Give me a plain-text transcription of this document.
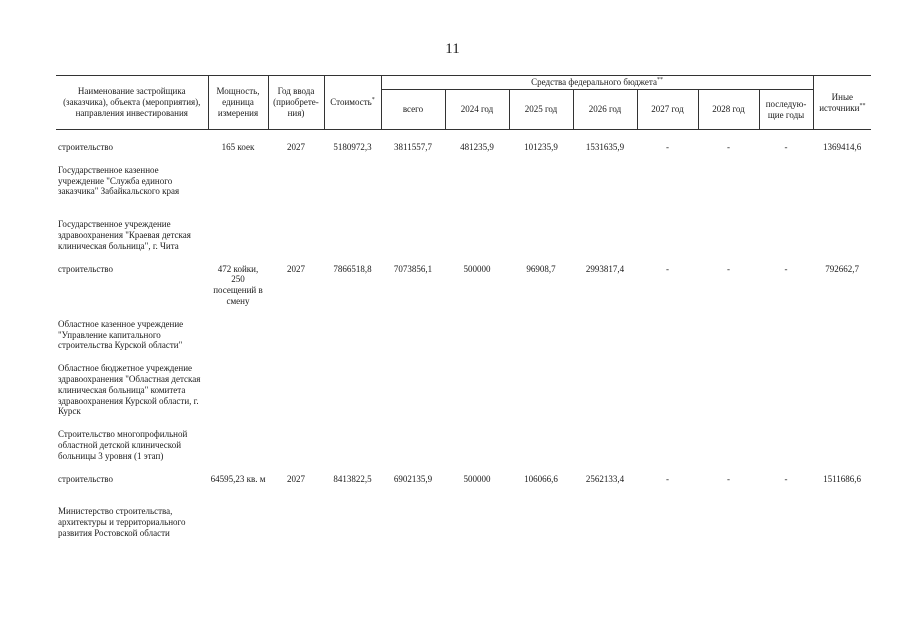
11
Наименование застройщика (заказчика), объекта (мероприятия), направления инвестирования	Мощность, единица измерения	Год ввода (приобрете-ния)	Стоимость*	Средства федерального бюджета**							Иные источники**
				всего	2024 год	2025 год	2026 год	2027 год	2028 год	последую-щие годы	

строительство	165 коек	2027	5180972,3	3811557,7	481235,9	101235,9	1531635,9	-	-	-	1369414,6

Государственное казенное учреждение "Служба единого заказчика" Забайкальского края											

Государственное учреждение здравоохранения "Краевая детская клиническая больница", г. Чита											

строительство	472 койки, 250 посещений в смену	2027	7866518,8	7073856,1	500000	96908,7	2993817,4	-	-	-	792662,7

Областное казенное учреждение "Управление капитального строительства Курской области"											

Областное бюджетное учреждение здравоохранения "Областная детская клиническая больница" комитета здравоохранения Курской области, г. Курск											

Строительство многопрофильной областной детской клинической больницы 3 уровня (1 этап)											

строительство	64595,23 кв. м	2027	8413822,5	6902135,9	500000	106066,6	2562133,4	-	-	-	1511686,6

Министерство строительства, архитектуры и территориального развития Ростовской области											
